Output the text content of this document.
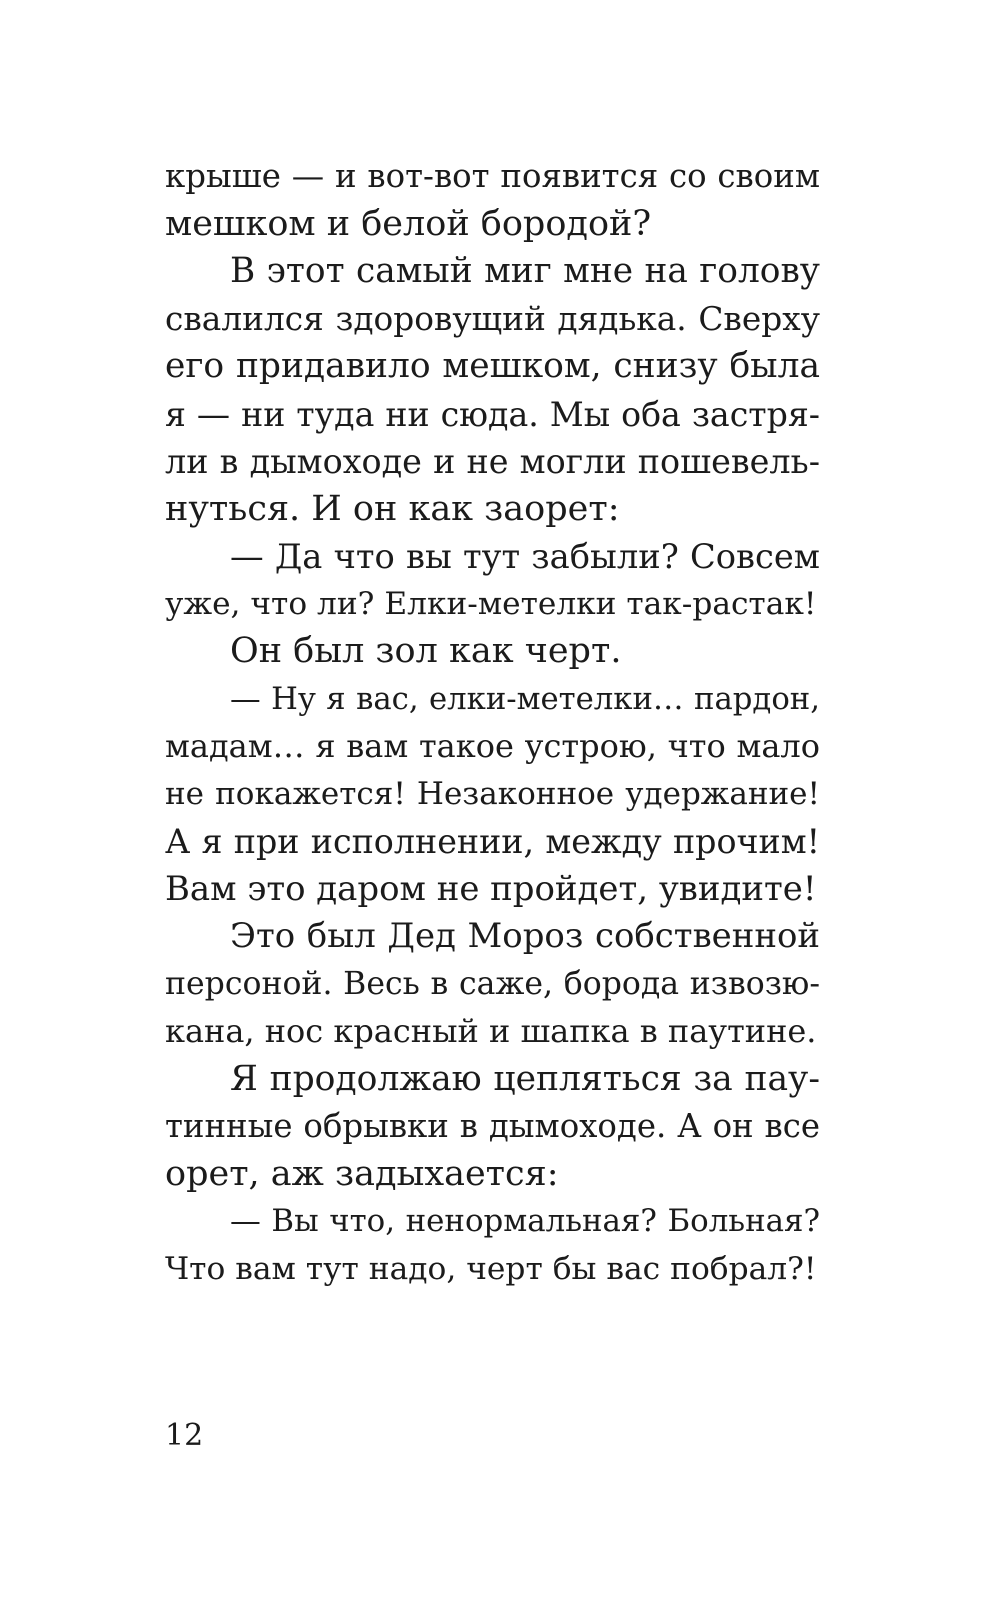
крыше — и вот-вот появится со своим
мешком и белой бородой?
В этот самый миг мне на голову
свалился здоровущий дядька. Сверху
его придавило мешком, снизу была
я — ни туда ни сюда. Мы оба застря-
ли в дымоходе и не могли пошевель-
нуться. И он как заорет:
— Да что вы тут забыли? Совсем
уже, что ли? Елки-метелки так-растак!
Он был зол как черт.
— Ну я вас, елки-метелки… пардон,
мадам… я вам такое устрою, что мало
не покажется! Незаконное удержание!
А я при исполнении, между прочим!
Вам это даром не пройдет, увидите!
Это был Дед Мороз собственной
персоной. Весь в саже, борода извозю-
кана, нос красный и шапка в паутине.
Я продолжаю цепляться за пау-
тинные обрывки в дымоходе. А он все
орет, аж задыхается:
— Вы что, ненормальная? Больная?
Что вам тут надо, черт бы вас побрал?!
12
